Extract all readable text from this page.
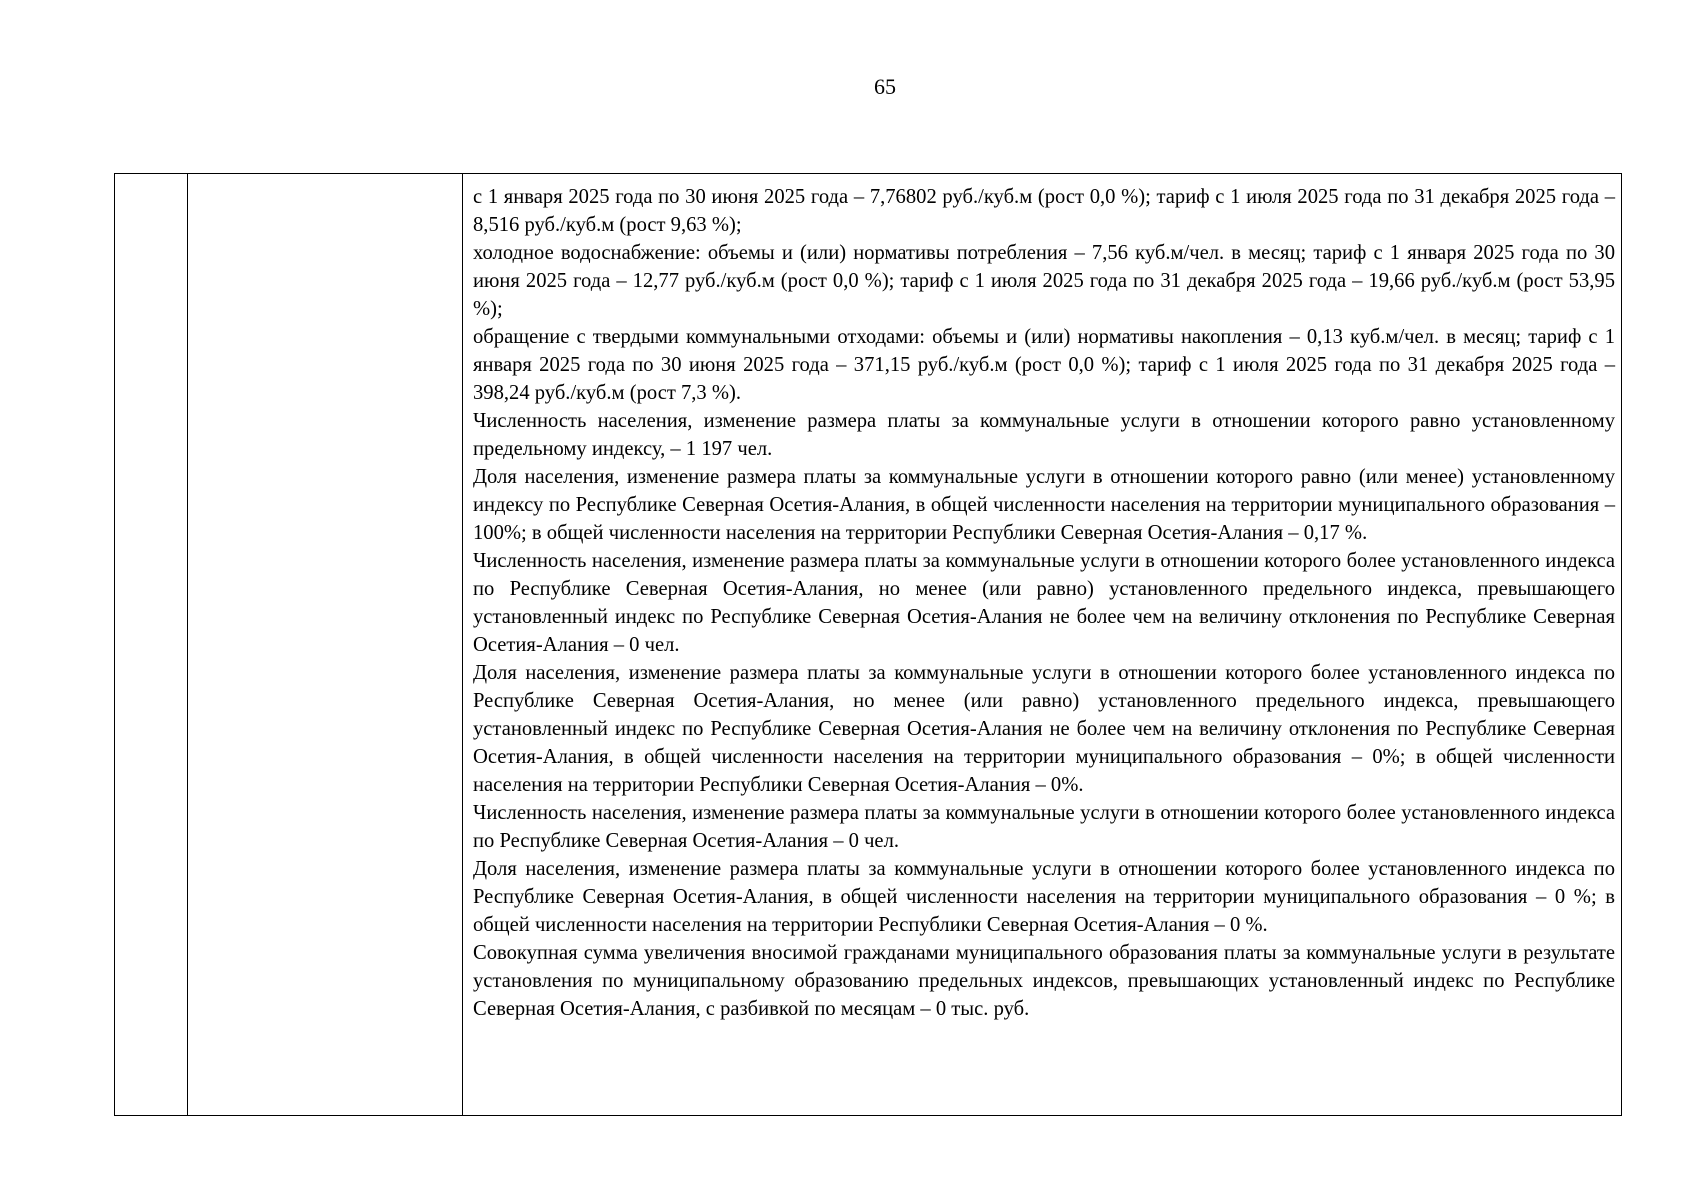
65

с 1 января 2025 года по 30 июня 2025 года – 7,76802 руб./куб.м (рост 0,0 %); тариф с 1 июля 2025 года по 31 декабря 2025 года – 8,516 руб./куб.м (рост 9,63 %);

холодное водоснабжение: объемы и (или) нормативы потребления – 7,56 куб.м/чел. в месяц; тариф с 1 января 2025 года по 30 июня 2025 года – 12,77 руб./куб.м (рост 0,0 %); тариф с 1 июля 2025 года по 31 декабря 2025 года – 19,66 руб./куб.м (рост 53,95 %);

обращение с твердыми коммунальными отходами: объемы и (или) нормативы накопления – 0,13 куб.м/чел. в месяц; тариф с 1 января 2025 года по 30 июня 2025 года – 371,15 руб./куб.м (рост 0,0 %); тариф с 1 июля 2025 года по 31 декабря 2025 года –398,24 руб./куб.м (рост 7,3 %).

Численность населения, изменение размера платы за коммунальные услуги в отношении которого равно установленному предельному индексу, – 1 197 чел.

Доля населения, изменение размера платы за коммунальные услуги в отношении которого равно (или менее) установленному индексу по Республике Северная Осетия-Алания, в общей численности населения на территории муниципального образования – 100%; в общей численности населения на территории Республики Северная Осетия-Алания – 0,17 %.

Численность населения, изменение размера платы за коммунальные услуги в отношении которого более установленного индекса по Республике Северная Осетия-Алания, но менее (или равно) установленного предельного индекса, превышающего установленный индекс по Республике Северная Осетия-Алания не более чем на величину отклонения по Республике Северная Осетия-Алания – 0 чел.

Доля населения, изменение размера платы за коммунальные услуги в отношении которого более установленного индекса по Республике Северная Осетия-Алания, но менее (или равно) установленного предельного индекса, превышающего установленный индекс по Республике Северная Осетия-Алания не более чем на величину отклонения по Республике Северная Осетия-Алания, в общей численности населения на территории муниципального образования – 0%; в общей численности населения на территории Республики Северная Осетия-Алания – 0%.

Численность населения, изменение размера платы за коммунальные услуги в отношении которого более установленного индекса по Республике Северная Осетия-Алания – 0 чел.

Доля населения, изменение размера платы за коммунальные услуги в отношении которого более установленного индекса по Республике Северная Осетия-Алания, в общей численности населения на территории муниципального образования – 0 %; в общей численности населения на территории Республики Северная Осетия-Алания – 0 %.

Совокупная сумма увеличения вносимой гражданами муниципального образования платы за коммунальные услуги в результате установления по муниципальному образованию предельных индексов, превышающих установленный индекс по Республике Северная Осетия-Алания, с разбивкой по месяцам – 0 тыс. руб.
